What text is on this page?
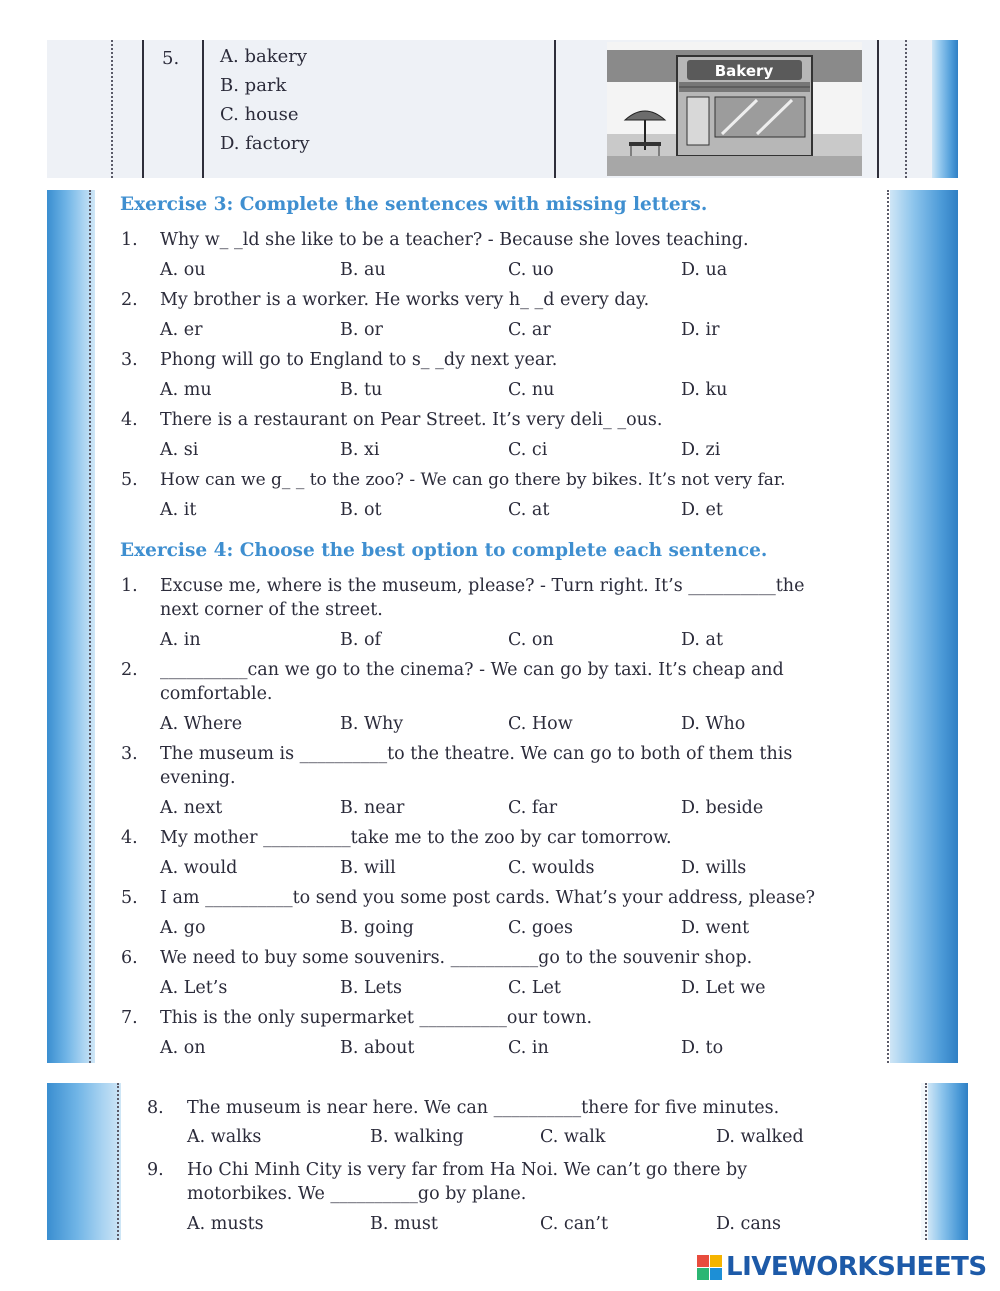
5. A. bakery
B. park
C. house
D. factory
Bakery
Exercise 3: Complete the sentences with missing letters.
1. Why w_ _ld she like to be a teacher? - Because she loves teaching.
A. ou	B. au	C. uo	D. ua
2. My brother is a worker. He works very h_ _d every day.
A. er	B. or	C. ar	D. ir
3. Phong will go to England to s_ _dy next year.
A. mu	B. tu	C. nu	D. ku
4. There is a restaurant on Pear Street. It’s very deli_ _ous.
A. si	B. xi	C. ci	D. zi
5. How can we g_ _ to the zoo? - We can go there by bikes. It’s not very far.
A. it	B. ot	C. at	D. et
Exercise 4: Choose the best option to complete each sentence.
1. Excuse me, where is the museum, please? - Turn right. It’s __________the
next corner of the street.
A. in	B. of	C. on	D. at
2. __________can we go to the cinema? - We can go by taxi. It’s cheap and
comfortable.
A. Where	B. Why	C. How	D. Who
3. The museum is __________to the theatre. We can go to both of them this
evening.
A. next	B. near	C. far	D. beside
4. My mother __________take me to the zoo by car tomorrow.
A. would	B. will	C. woulds	D. wills
5. I am __________to send you some post cards. What’s your address, please?
A. go	B. going	C. goes	D. went
6. We need to buy some souvenirs. __________go to the souvenir shop.
A. Let’s	B. Lets	C. Let	D. Let we
7. This is the only supermarket __________our town.
A. on	B. about	C. in	D. to
8. The museum is near here. We can __________there for five minutes.
A. walks	B. walking	C. walk	D. walked
9. Ho Chi Minh City is very far from Ha Noi. We can’t go there by
motorbikes. We __________go by plane.
A. musts	B. must	C. can’t	D. cans
LIVEWORKSHEETS
